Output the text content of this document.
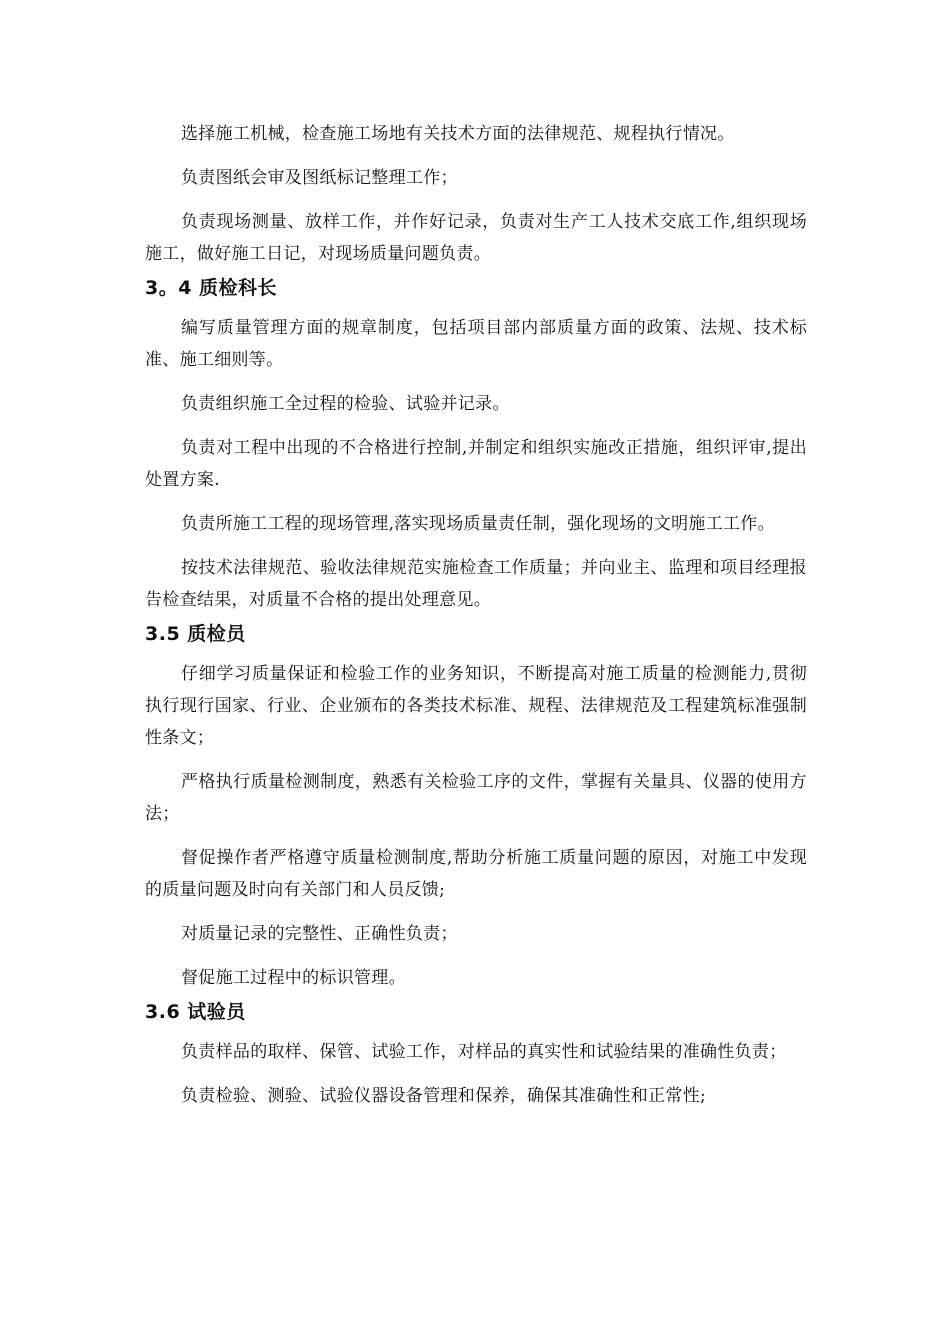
选择施工机械，检查施工场地有关技术方面的法律规范、规程执行情况。

负责图纸会审及图纸标记整理工作；

负责现场测量、放样工作，并作好记录，负责对生产工人技术交底工作,组织现场施工，做好施工日记，对现场质量问题负责。

3。4 质检科长

编写质量管理方面的规章制度，包括项目部内部质量方面的政策、法规、技术标准、施工细则等。

负责组织施工全过程的检验、试验并记录。

负责对工程中出现的不合格进行控制,并制定和组织实施改正措施，组织评审,提出处置方案.

负责所施工工程的现场管理,落实现场质量责任制，强化现场的文明施工工作。

按技术法律规范、验收法律规范实施检查工作质量；并向业主、监理和项目经理报告检查结果，对质量不合格的提出处理意见。

3.5 质检员

仔细学习质量保证和检验工作的业务知识，不断提高对施工质量的检测能力,贯彻执行现行国家、行业、企业颁布的各类技术标准、规程、法律规范及工程建筑标准强制性条文；

严格执行质量检测制度，熟悉有关检验工序的文件，掌握有关量具、仪器的使用方法；

督促操作者严格遵守质量检测制度,帮助分析施工质量问题的原因，对施工中发现的质量问题及时向有关部门和人员反馈;

对质量记录的完整性、正确性负责；

督促施工过程中的标识管理。

3.6 试验员

负责样品的取样、保管、试验工作，对样品的真实性和试验结果的准确性负责；

负责检验、测验、试验仪器设备管理和保养，确保其准确性和正常性;
